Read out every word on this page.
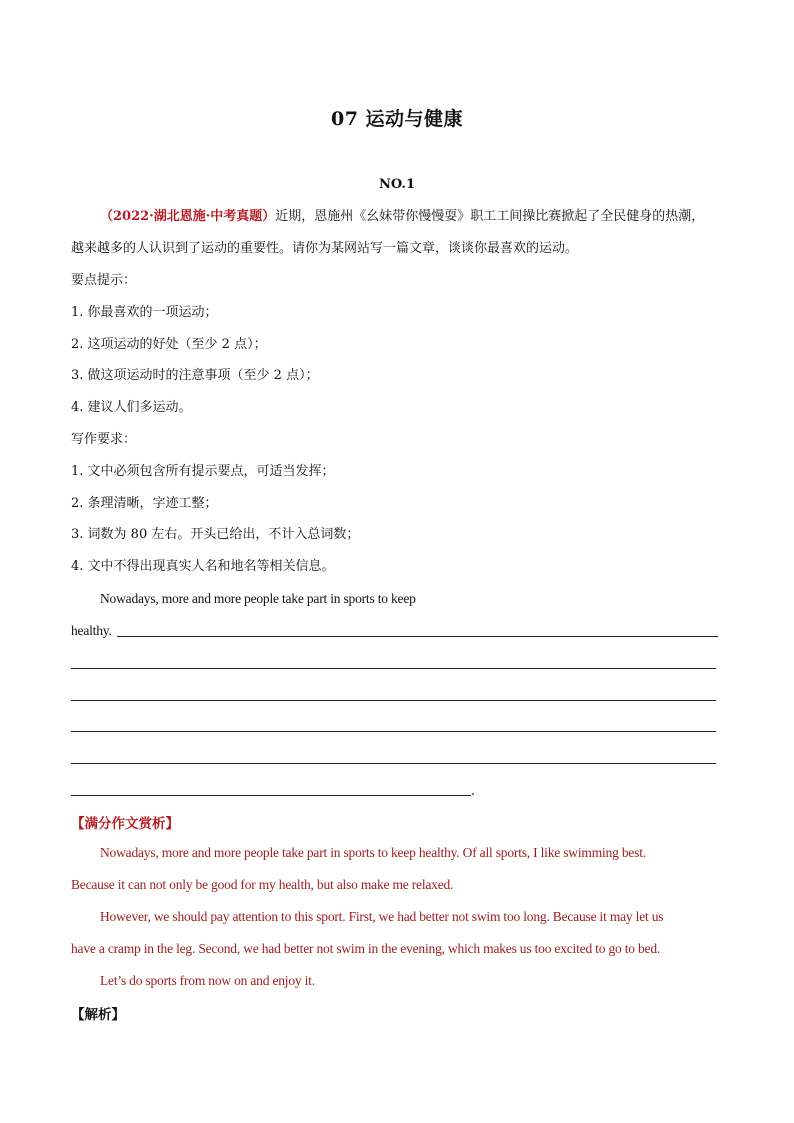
07 运动与健康
NO.1
（2022·湖北恩施·中考真题）近期，恩施州《幺妹带你慢慢耍》职工工间操比赛掀起了全民健身的热潮，
越来越多的人认识到了运动的重要性。请你为某网站写一篇文章，谈谈你最喜欢的运动。
要点提示：
1. 你最喜欢的一项运动；
2. 这项运动的好处（至少 2 点）；
3. 做这项运动时的注意事项（至少 2 点）；
4. 建议人们多运动。
写作要求：
1. 文中必须包含所有提示要点，可适当发挥；
2. 条理清晰，字迹工整；
3. 词数为 80 左右。开头已给出，不计入总词数；
4. 文中不得出现真实人名和地名等相关信息。
Nowadays, more and more people take part in sports to keep
healthy.
.
【满分作文赏析】
Nowadays, more and more people take part in sports to keep healthy. Of all sports, I like swimming best.
Because it can not only be good for my health, but also make me relaxed.
However, we should pay attention to this sport. First, we had better not swim too long. Because it may let us
have a cramp in the leg. Second, we had better not swim in the evening, which makes us too excited to go to bed.
Let’s do sports from now on and enjoy it.
【解析】
